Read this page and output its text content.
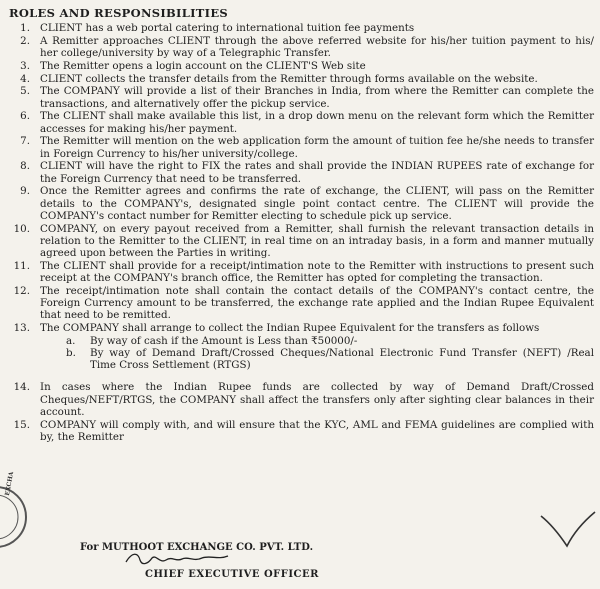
ROLES AND RESPONSIBILITIES
1. CLIENT has a web portal catering to international tuition fee payments
2. A Remitter approaches CLIENT through the above referred website for his/her tuition payment to his/ her college/university by way of a Telegraphic Transfer.
3. The Remitter opens a login account on the CLIENT'S Web site
4. CLIENT collects the transfer details from the Remitter through forms available on the website.
5. The COMPANY will provide a list of their Branches in India, from where the Remitter can complete the transactions, and alternatively offer the pickup service.
6. The CLIENT shall make available this list, in a drop down menu on the relevant form which the Remitter accesses for making his/her payment.
7. The Remitter will mention on the web application form the amount of tuition fee he/she needs to transfer in Foreign Currency to his/her university/college.
8. CLIENT will have the right to FIX the rates and shall provide the INDIAN RUPEES rate of exchange for the Foreign Currency that need to be transferred.
9. Once the Remitter agrees and confirms the rate of exchange, the CLIENT, will pass on the Remitter details to the COMPANY's, designated single point contact centre. The CLIENT will provide the COMPANY's contact number for Remitter electing to schedule pick up service.
10. COMPANY, on every payout received from a Remitter, shall furnish the relevant transaction details in relation to the Remitter to the CLIENT, in real time on an intraday basis, in a form and manner mutually agreed upon between the Parties in writing.
11. The CLIENT shall provide for a receipt/intimation note to the Remitter with instructions to present such receipt at the COMPANY's branch office, the Remitter has opted for completing the transaction.
12. The receipt/intimation note shall contain the contact details of the COMPANY's contact centre, the Foreign Currency amount to be transferred, the exchange rate applied and the Indian Rupee Equivalent that need to be remitted.
13. The COMPANY shall arrange to collect the Indian Rupee Equivalent for the transfers as follows
a.	By way of cash if the Amount is Less than ₹50000/-
b.	By way of Demand Draft/Crossed Cheques/National Electronic Fund Transfer (NEFT) /Real Time Cross Settlement (RTGS)
14. In cases where the Indian Rupee funds are collected by way of Demand Draft/Crossed Cheques/NEFT/RTGS, the COMPANY shall affect the transfers only after sighting clear balances in their account.
15. COMPANY will comply with, and will ensure that the KYC, AML and FEMA guidelines are complied with by, the Remitter
EXCHA
For MUTHOOT EXCHANGE CO. PVT. LTD.
CHIEF EXECUTIVE OFFICER
